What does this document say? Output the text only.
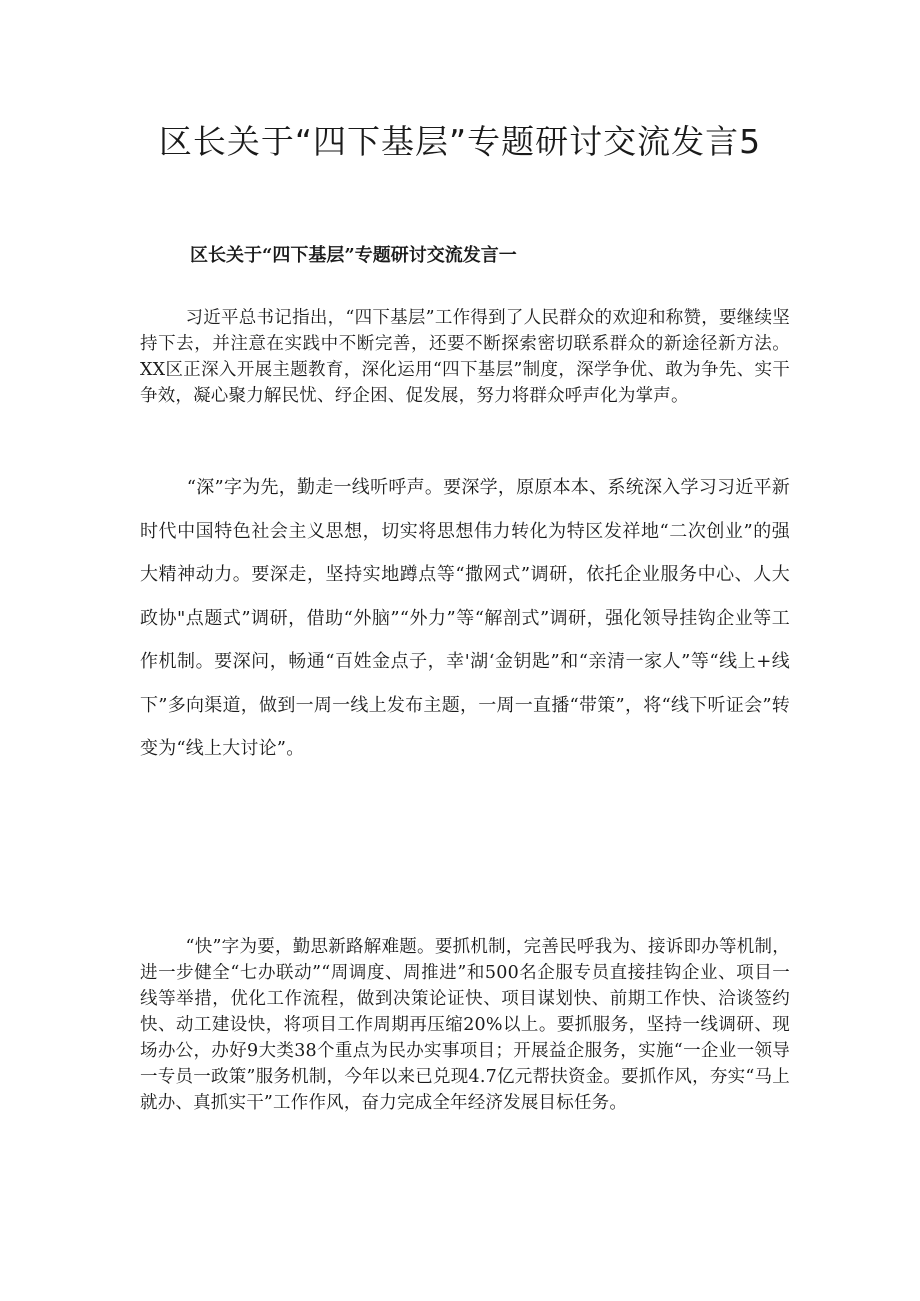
区长关于“四下基层”专题研讨交流发言5
区长关于“四下基层”专题研讨交流发言一

习近平总书记指出，“四下基层”工作得到了人民群众的欢迎和称赞，要继续坚持下去，并注意在实践中不断完善，还要不断探索密切联系群众的新途径新方法。XX区正深入开展主题教育，深化运用“四下基层”制度，深学争优、敢为争先、实干争效，凝心聚力解民忧、纾企困、促发展，努力将群众呼声化为掌声。

“深”字为先，勤走一线听呼声。要深学，原原本本、系统深入学习习近平新时代中国特色社会主义思想，切实将思想伟力转化为特区发祥地“二次创业”的强大精神动力。要深走，坚持实地蹲点等“撒网式”调研，依托企业服务中心、人大政协"点题式”调研，借助“外脑”“外力”等“解剖式”调研，强化领导挂钩企业等工作机制。要深问，畅通“百姓金点子，幸'湖‘金钥匙”和“亲清一家人”等“线上+线下”多向渠道，做到一周一线上发布主题，一周一直播“带策”，将“线下听证会”转变为“线上大讨论”。

“快”字为要，勤思新路解难题。要抓机制，完善民呼我为、接诉即办等机制，进一步健全“七办联动”“周调度、周推进”和500名企服专员直接挂钩企业、项目一线等举措，优化工作流程，做到决策论证快、项目谋划快、前期工作快、洽谈签约快、动工建设快，将项目工作周期再压缩20%以上。要抓服务，坚持一线调研、现场办公，办好9大类38个重点为民办实事项目；开展益企服务，实施“一企业一领导一专员一政策”服务机制，今年以来已兑现4.7亿元帮扶资金。要抓作风，夯实“马上就办、真抓实干”工作作风，奋力完成全年经济发展目标任务。
